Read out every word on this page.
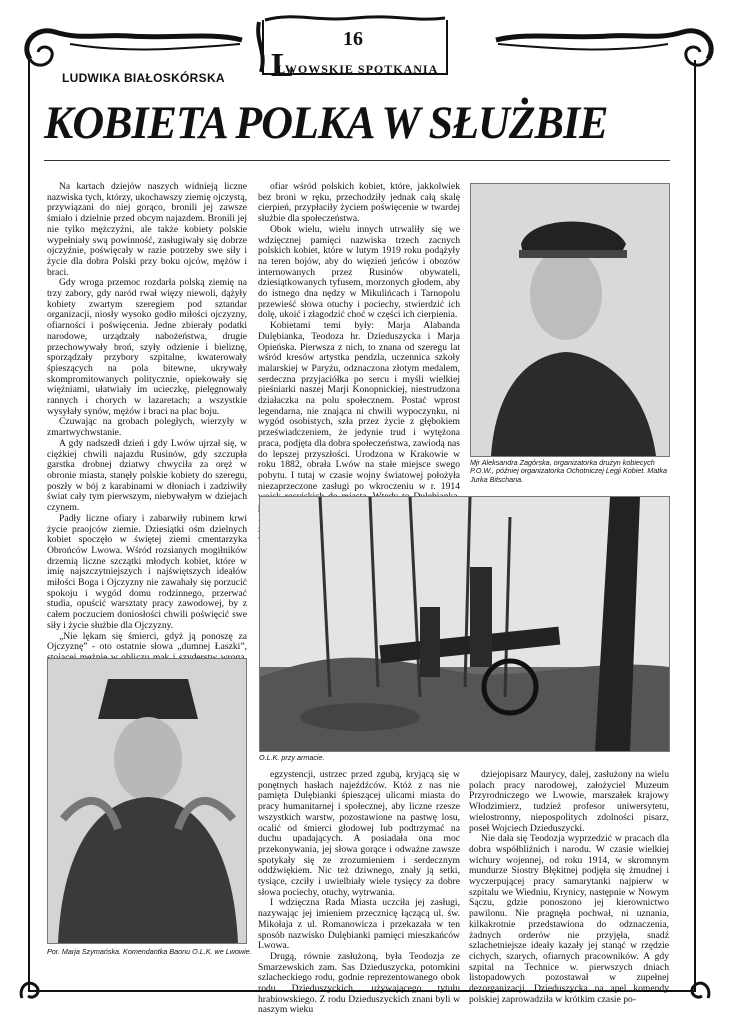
L
16
LWOWSKIE SPOTKANIA
LUDWIKA BIAŁOSKÓRSKA
KOBIETA POLKA W SŁUŻBIE

Na kartach dziejów naszych widnieją liczne nazwiska tych, którzy, ukochawszy ziemię ojczystą, przywiązani do niej gorąco, bronili jej zawsze śmiało i dzielnie przed obcym najazdem. Bronili jej nie tylko mężczyźni, ale także kobiety polskie wypełniały swą powinność, zasługiwały się dobrze ojczyźnie, poświęcały w razie potrzeby swe siły i życie dla dobra Polski przy boku ojców, mężów i braci.

Gdy wroga przemoc rozdarła polską ziemię na trzy zabory, gdy naród rwał więzy niewoli, dążyły kobiety zwartym szeregiem pod sztandar organizacji, niosły wysoko godło miłości ojczyzny, ofiarności i poświęcenia. Jedne zbierały podatki narodowe, urządzały nabożeństwa, drugie przechowywały broń, szyły odzienie i bieliznę, sporządzały przybory szpitalne, kwaterowały śpieszących na pola bitewne, ukrywały skompromitowanych politycznie, opiekowały się więźniami, ułatwiały im ucieczkę, pielęgnowały rannych i chorych w lazaretach; a wszystkie wysyłały synów, mężów i braci na plac boju.

Czuwając na grobach poległych, wierzyły w zmartwychwstanie.

A gdy nadszedł dzień i gdy Lwów ujrzał się, w ciężkiej chwili najazdu Rusinów, gdy szczupła garstka drobnej dziatwy chwyciła za oręż w obronie miasta, stanęły polskie kobiety do szeregu, poszły w bój z karabinami w dłoniach i zadziwiły świat cały tym pierwszym, niebywałym w dziejach czynem.

Padły liczne ofiary i zabarwiły rubinem krwi życie praojców ziemie. Dziesiątki ośm dzielnych kobiet spoczęło w świętej ziemi cmentarzyka Obrońców Lwowa. Wśród rozsianych mogiłników drzemią liczne szczątki młodych kobiet, które w imię najszczytniejszych i najświętszych ideałów miłości Boga i Ojczyzny nie zawahały się porzucić spokoju i wygód domu rodzinnego, przerwać studia, opuścić warsztaty pracy zawodowej, by z całem poczuciem doniosłości chwili poświęcić swe siły i życie służbie dla Ojczyzny.

„Nie lękam się śmierci, gdyż ją ponoszę za Ojczyznę” - oto ostatnie słowa „dumnej Łaszki”,

ofiar wśród polskich kobiet, które, jakkolwiek bez broni w ręku, przechodziły jednak całą skalę cierpień, przypłaciły życiem poświęcenie w twardej służbie dla społeczeństwa.

Obok wielu, wielu innych utrwaliły się we wdzięcznej pamięci nazwiska trzech zacnych polskich kobiet, które w lutym 1919 roku podążyły na teren bojów, aby do więzień jeńców i obozów internowanych przez Rusinów obywateli, dziesiątkowanych tyfusem, morzonych głodem, aby do istnego dna nędzy w Mikulińcach i Tarnopolu przewieść słowa otuchy i pociechy, stwierdzić ich dolę, ukoić i złagodzić choć w części ich cierpienia.

Kobietami temi były: Marja Alabanda Dulębianka, Teodoza hr. Dzieduszycka i Marja Opieńska. Pierwsza z nich, to znana od szeregu lat wśród kresów artystka pendzla, uczennica szkoły malarskiej w Paryżu, odznaczona złotym medalem, serdeczna przyjaciółka po sercu i myśli wielkiej pieśniarki naszej Marji Konopnickiej, niestrudzona działaczka na polu społecznem. Postać wprost legendarna, nie znająca ni chwili wypoczynku, ni wygód osobistych, szła przez życie z głębokiem przeświadczeniem, że jedynie trud i wytężona praca, podjęta dla dobra społeczeństwa, zawiodą nas do lepszej przyszłości. Urodzona w Krakowie w roku 1882, obrała Lwów na stałe miejsce swego pobytu. I tutaj w czasie wojny światowej położyła niezaprzeczone zasługi po wkroczeniu w r. 1914

Mjr Aleksandra Zagórska, organizatorka drużyn kobiecych P.O.W., później organizatorka Ochotniczej Legji Kobiet. Matka Jurka Bitschana.
O.L.K. przy armacie.
Por. Marja Szymańska. Komendantka Baonu O.L.K. we Lwowie.

egzystencji, ustrzec przed zgubą, kryjącą się w ponętnych hasłach najeźdźców. Któż z nas nie pamięta Dulębianki śpieszącej ulicami miasta do pracy humanitarnej i społecznej, aby liczne rzesze wszystkich warstw, pozostawione na pastwę losu, ocalić od śmierci głodowej lub podtrzymać na duchu upadających. A posiadała ona moc przekonywania, jej słowa gorące i odważne zawsze spotykały się ze zrozumieniem i serdecznym oddźwiękiem. Nic też dziwnego, znały ją setki, tysiące, czciły i uwielbiały wiele tysięcy za dobre słowa pociechy, otuchy, wytrwania.

I wdzięczna Rada Miasta uczciła jej zasługi, nazywając jej imieniem przecznicę łączącą ul. św. Mikołaja z ul. Romanowicza i przekazała w ten sposób nazwisko Dulębianki pamięci mieszkańców Lwowa.

Drugą, równie zasłużoną, była Teodozja ze Smarzewskich zam. Sas Dzieduszycka, potomkini szlacheckiego rodu, godnie reprezentowanego obok rodu Dzieduszyckich, używającego tytułu hrabiowskiego. Z rodu Dzieduszyckich znani byli w naszym wieku

dziejopisarz Maurycy, dalej, zasłużony na wielu polach pracy narodowej, założyciel Muzeum Przyrodniczego we Lwowie, marszałek krajowy Włodzimierz, tudzież profesor uniwersytetu, wielostronny, niepospolitych zdolności pisarz, poseł Wojciech Dzieduszycki.

Nie dała się Teodozja wyprzedzić w pracach dla dobra współbliźnich i narodu. W czasie wielkiej wichury wojennej, od roku 1914, w skromnym mundurze Siostry Błękitnej podjęła się żmudnej i wyczerpującej pracy samarytanki najpierw w szpitalu we Wiedniu, Krynicy, następnie w Nowym Sączu, gdzie ponoszono jej kierownictwo pawilonu. Nie pragnęła pochwał, ni uznania, kilkakrotnie przedstawiona do odznaczenia, żadnych orderów nie przyjęła, snadź szlachetniejsze ideały kazały jej stanąć w rzędzie cichych, szarych, ofiarnych pracowników. A gdy szpital na Technice w. pierwszych dniach listopadowych pozostawał w zupełnej dezorganizacji, Dzieduszycka na apel komendy polskiej zaprowadziła w krótkim czasie po-
